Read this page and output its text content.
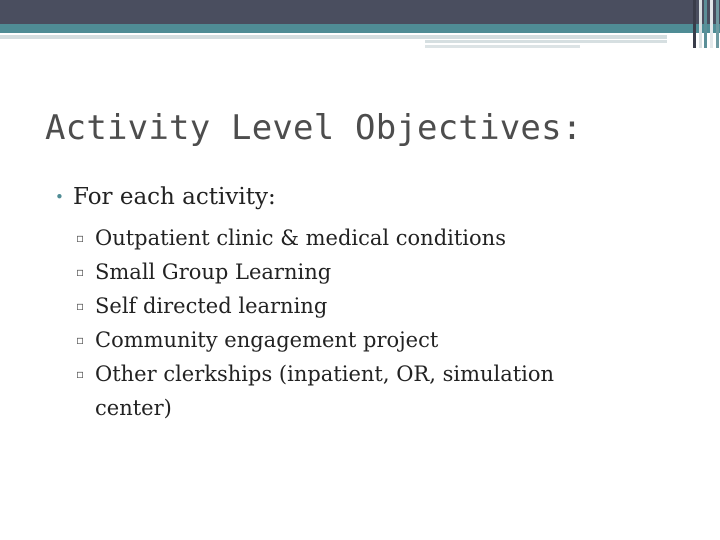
Activity Level Objectives:
• For each activity:
▫ Outpatient clinic & medical conditions
▫ Small Group Learning
▫ Self directed learning
▫ Community engagement project
▫ Other clerkships (inpatient, OR, simulation center)
